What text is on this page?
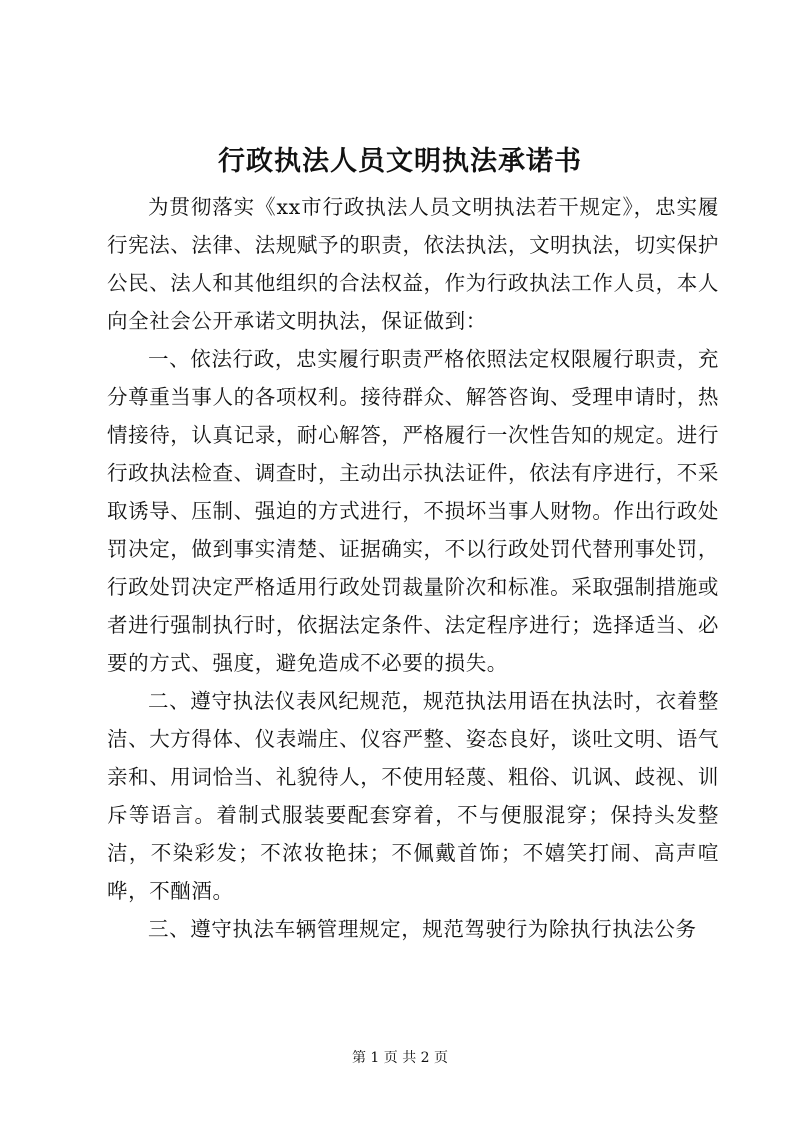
行政执法人员文明执法承诺书

为贯彻落实《xx市行政执法人员文明执法若干规定》，忠实履行宪法、法律、法规赋予的职责，依法执法，文明执法，切实保护公民、法人和其他组织的合法权益，作为行政执法工作人员，本人向全社会公开承诺文明执法，保证做到：

一、依法行政，忠实履行职责严格依照法定权限履行职责，充分尊重当事人的各项权利。接待群众、解答咨询、受理申请时，热情接待，认真记录，耐心解答，严格履行一次性告知的规定。进行行政执法检查、调查时，主动出示执法证件，依法有序进行，不采取诱导、压制、强迫的方式进行，不损坏当事人财物。作出行政处罚决定，做到事实清楚、证据确实，不以行政处罚代替刑事处罚，行政处罚决定严格适用行政处罚裁量阶次和标准。采取强制措施或者进行强制执行时，依据法定条件、法定程序进行；选择适当、必要的方式、强度，避免造成不必要的损失。

二、遵守执法仪表风纪规范，规范执法用语在执法时，衣着整洁、大方得体、仪表端庄、仪容严整、姿态良好，谈吐文明、语气亲和、用词恰当、礼貌待人，不使用轻蔑、粗俗、讥讽、歧视、训斥等语言。着制式服装要配套穿着，不与便服混穿；保持头发整洁，不染彩发；不浓妆艳抹；不佩戴首饰；不嬉笑打闹、高声喧哗，不酗酒。

三、遵守执法车辆管理规定，规范驾驶行为除执行执法公务

第 1 页 共 2 页
